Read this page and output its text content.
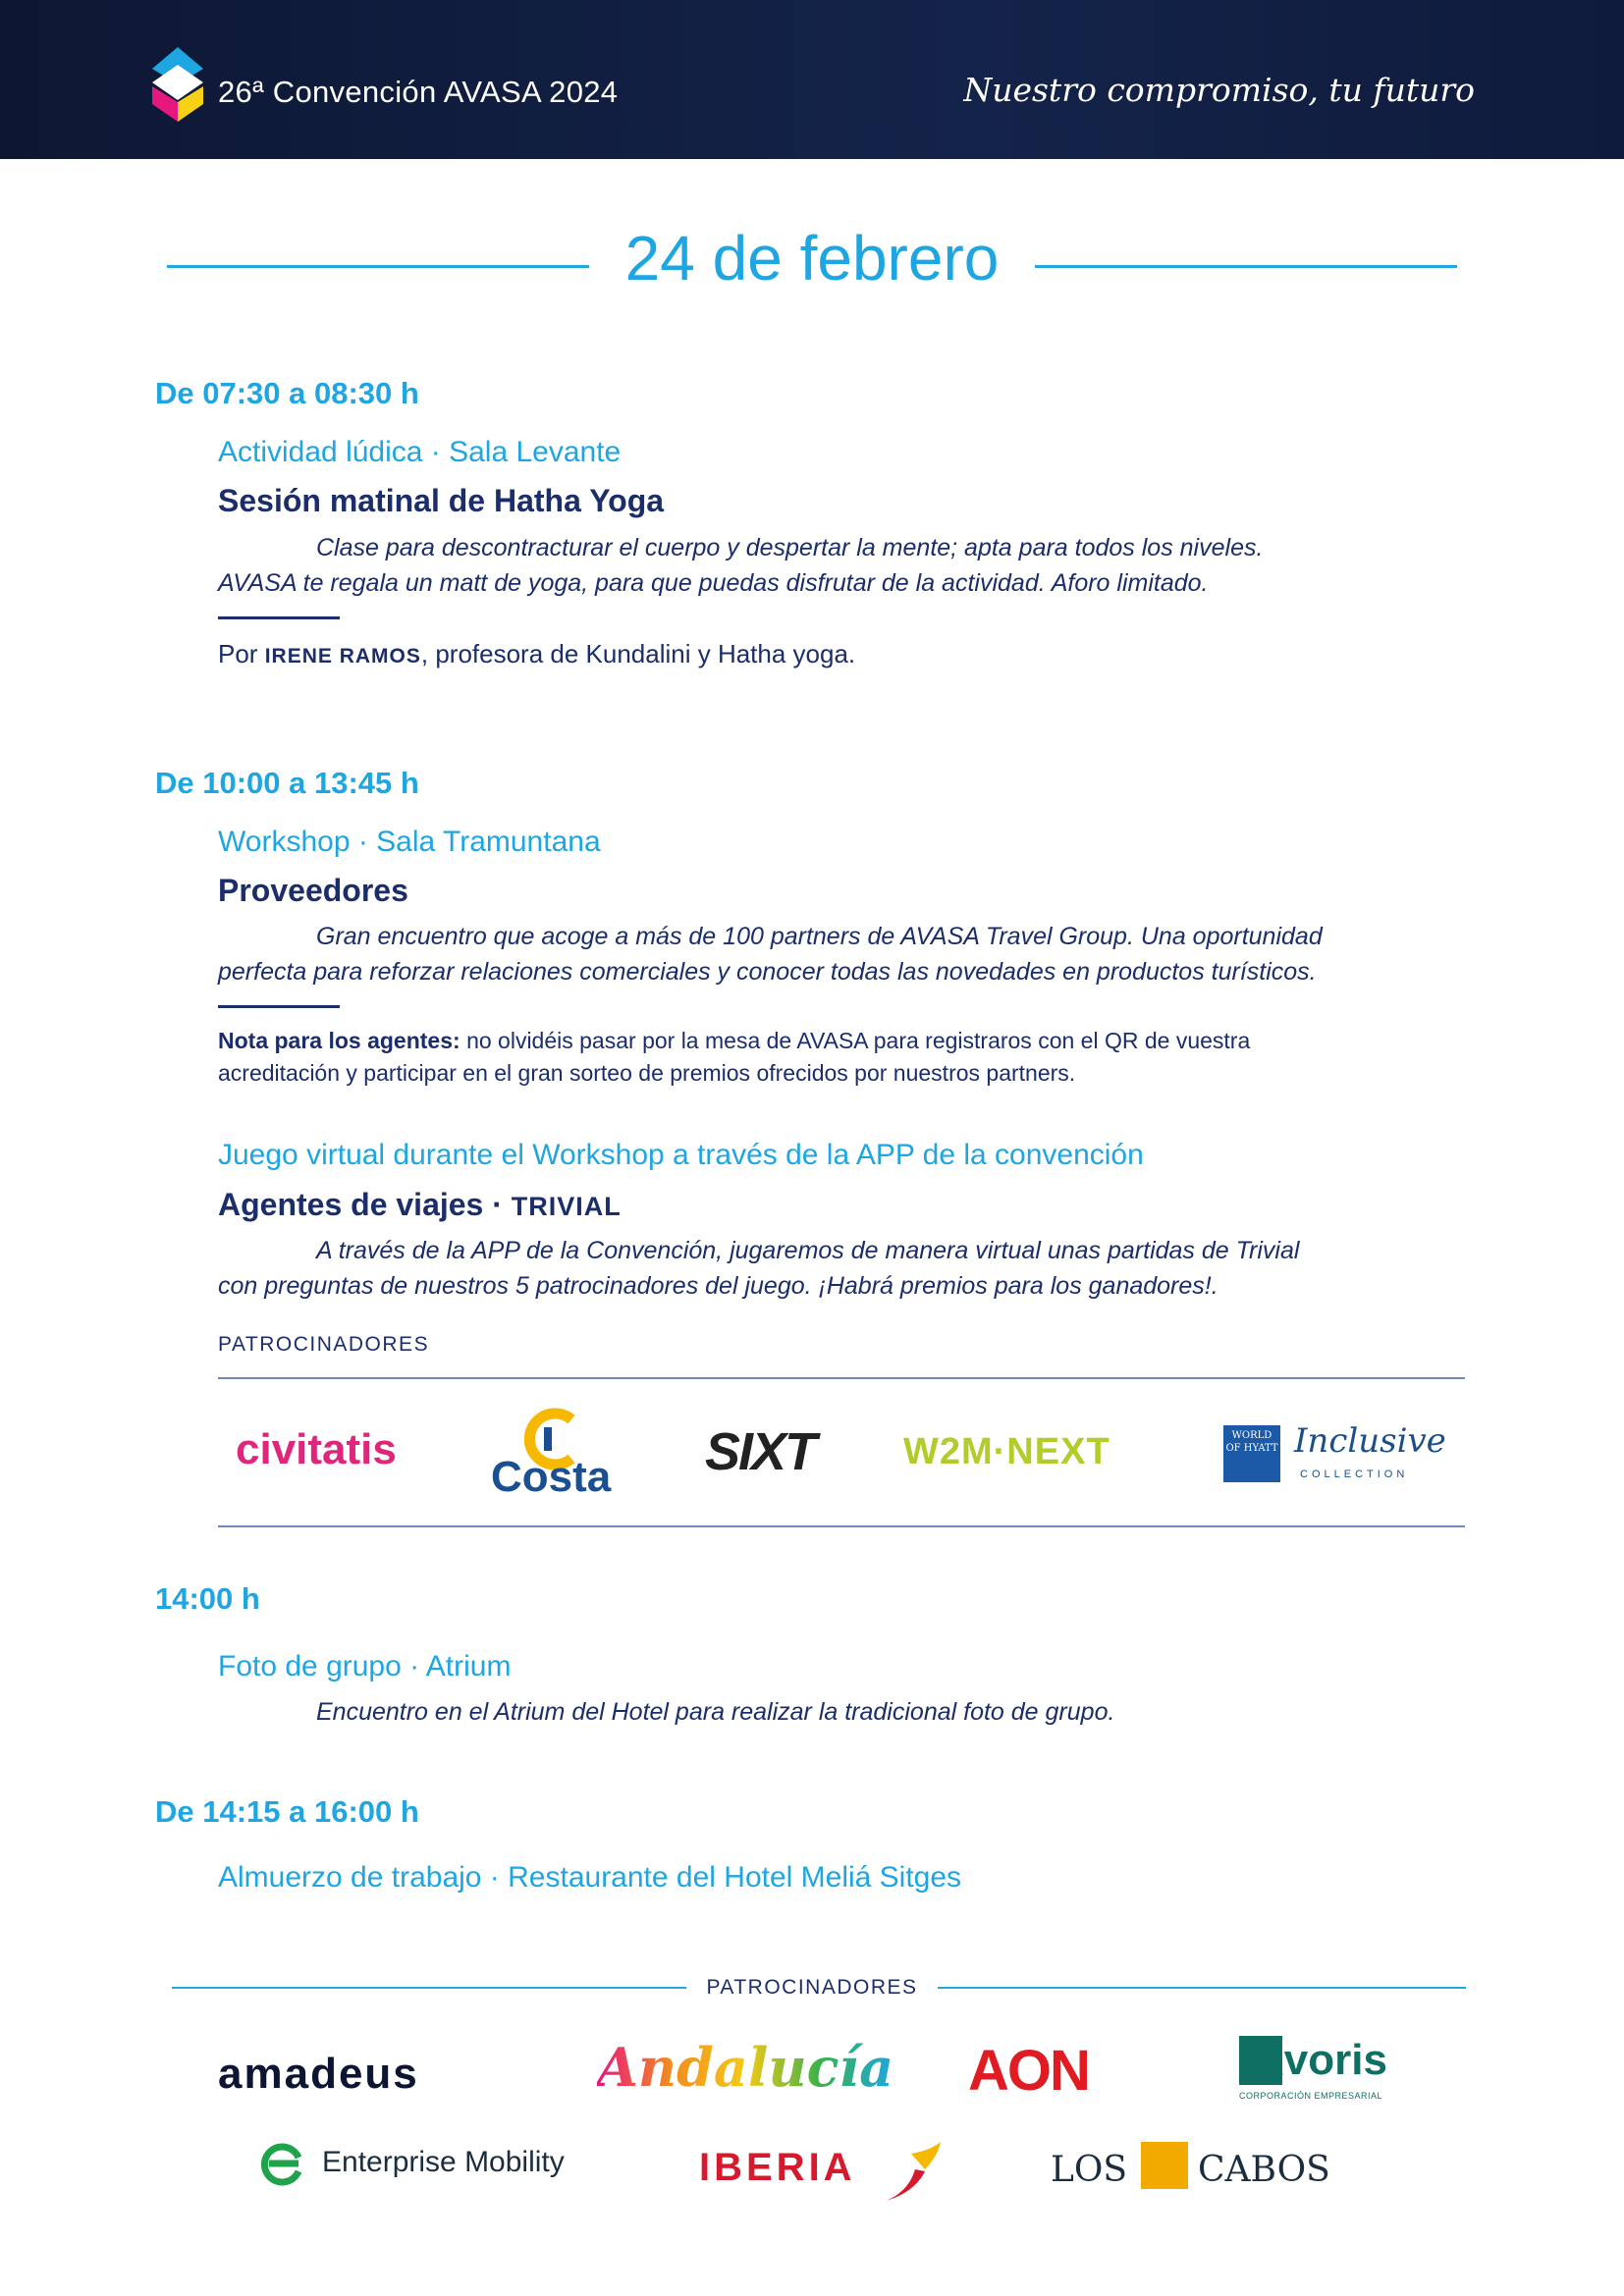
26ª Convención AVASA 2024	Nuestro compromiso, tu futuro
24 de febrero
De 07:30 a 08:30 h
Actividad lúdica · Sala Levante
Sesión matinal de Hatha Yoga
Clase para descontracturar el cuerpo y despertar la mente; apta para todos los niveles.
AVASA te regala un matt de yoga, para que puedas disfrutar de la actividad. Aforo limitado.
Por IRENE RAMOS, profesora de Kundalini y Hatha yoga.
De 10:00 a 13:45 h
Workshop · Sala Tramuntana
Proveedores
Gran encuentro que acoge a más de 100 partners de AVASA Travel Group. Una oportunidad
perfecta para reforzar relaciones comerciales y conocer todas las novedades en productos turísticos.
Nota para los agentes: no olvidéis pasar por la mesa de AVASA para registraros con el QR de vuestra
acreditación y participar en el gran sorteo de premios ofrecidos por nuestros partners.
Juego virtual durante el Workshop a través de la APP de la convención
Agentes de viajes · TRIVIAL
A través de la APP de la Convención, jugaremos de manera virtual unas partidas de Trivial
con preguntas de nuestros 5 patrocinadores del juego. ¡Habrá premios para los ganadores!.
PATROCINADORES
civitatis
Costa SIXT W2M·NEXT	WORLD OF HYATT Inclusive
COLLECTION
14:00 h
Foto de grupo · Atrium
Encuentro en el Atrium del Hotel para realizar la tradicional foto de grupo.
De 14:15 a 16:00 h
Almuerzo de trabajo · Restaurante del Hotel Meliá Sitges
PATROCINADORES
amadeus	Andalucía AON	Ávoris
CORPORACIÓN EMPRESARIAL
Enterprise Mobility	IBERIA	LOS CABOS
